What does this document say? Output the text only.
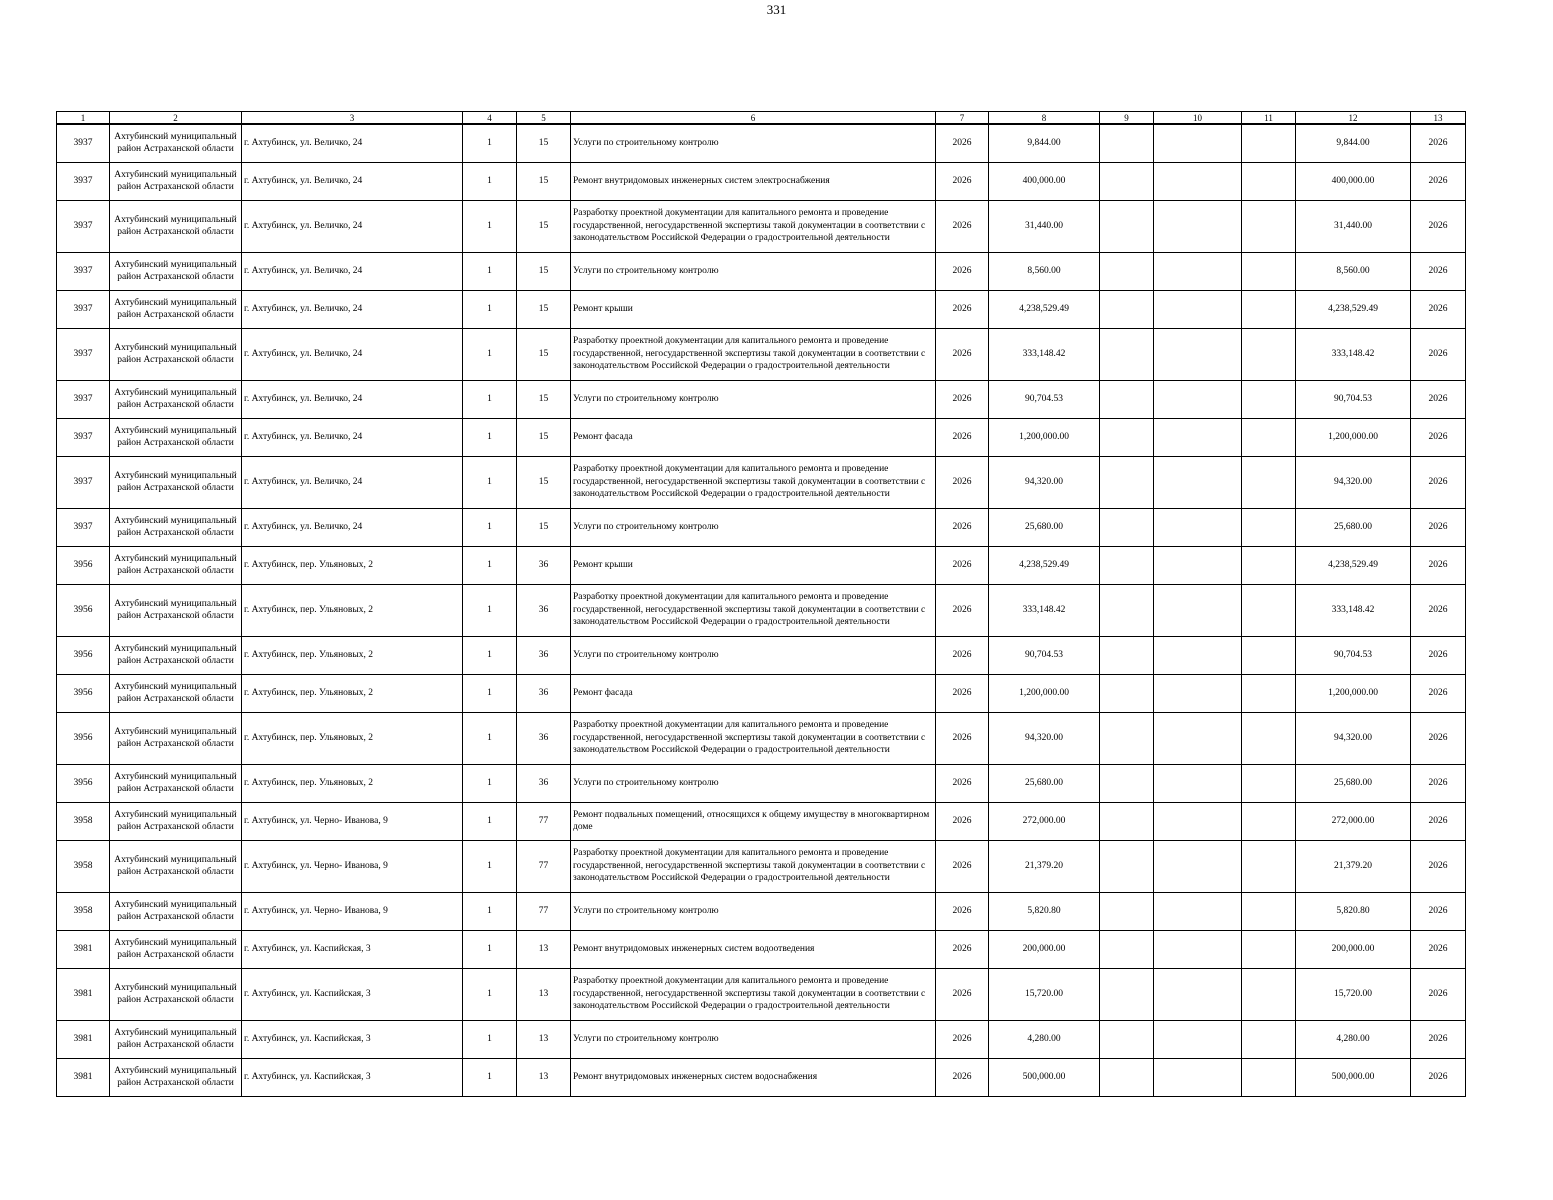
331
1	2	3	4	5	6	7	8	9	10	11	12	13
3937	Ахтубинский муниципальный район Астраханской области	г. Ахтубинск, ул. Величко, 24	1	15	Услуги по строительному контролю	2026	9,844.00				9,844.00	2026
3937	Ахтубинский муниципальный район Астраханской области	г. Ахтубинск, ул. Величко, 24	1	15	Ремонт внутридомовых инженерных систем электроснабжения	2026	400,000.00				400,000.00	2026
3937	Ахтубинский муниципальный район Астраханской области	г. Ахтубинск, ул. Величко, 24	1	15	Разработку проектной документации для капитального ремонта и проведение государственной, негосударственной экспертизы такой документации в соответствии с законодательством Российской Федерации о градостроительной деятельности	2026	31,440.00				31,440.00	2026
3937	Ахтубинский муниципальный район Астраханской области	г. Ахтубинск, ул. Величко, 24	1	15	Услуги по строительному контролю	2026	8,560.00				8,560.00	2026
3937	Ахтубинский муниципальный район Астраханской области	г. Ахтубинск, ул. Величко, 24	1	15	Ремонт крыши	2026	4,238,529.49				4,238,529.49	2026
3937	Ахтубинский муниципальный район Астраханской области	г. Ахтубинск, ул. Величко, 24	1	15	Разработку проектной документации для капитального ремонта и проведение государственной, негосударственной экспертизы такой документации в соответствии с законодательством Российской Федерации о градостроительной деятельности	2026	333,148.42				333,148.42	2026
3937	Ахтубинский муниципальный район Астраханской области	г. Ахтубинск, ул. Величко, 24	1	15	Услуги по строительному контролю	2026	90,704.53				90,704.53	2026
3937	Ахтубинский муниципальный район Астраханской области	г. Ахтубинск, ул. Величко, 24	1	15	Ремонт фасада	2026	1,200,000.00				1,200,000.00	2026
3937	Ахтубинский муниципальный район Астраханской области	г. Ахтубинск, ул. Величко, 24	1	15	Разработку проектной документации для капитального ремонта и проведение государственной, негосударственной экспертизы такой документации в соответствии с законодательством Российской Федерации о градостроительной деятельности	2026	94,320.00				94,320.00	2026
3937	Ахтубинский муниципальный район Астраханской области	г. Ахтубинск, ул. Величко, 24	1	15	Услуги по строительному контролю	2026	25,680.00				25,680.00	2026
3956	Ахтубинский муниципальный район Астраханской области	г. Ахтубинск, пер. Ульяновых, 2	1	36	Ремонт крыши	2026	4,238,529.49				4,238,529.49	2026
3956	Ахтубинский муниципальный район Астраханской области	г. Ахтубинск, пер. Ульяновых, 2	1	36	Разработку проектной документации для капитального ремонта и проведение государственной, негосударственной экспертизы такой документации в соответствии с законодательством Российской Федерации о градостроительной деятельности	2026	333,148.42				333,148.42	2026
3956	Ахтубинский муниципальный район Астраханской области	г. Ахтубинск, пер. Ульяновых, 2	1	36	Услуги по строительному контролю	2026	90,704.53				90,704.53	2026
3956	Ахтубинский муниципальный район Астраханской области	г. Ахтубинск, пер. Ульяновых, 2	1	36	Ремонт фасада	2026	1,200,000.00				1,200,000.00	2026
3956	Ахтубинский муниципальный район Астраханской области	г. Ахтубинск, пер. Ульяновых, 2	1	36	Разработку проектной документации для капитального ремонта и проведение государственной, негосударственной экспертизы такой документации в соответствии с законодательством Российской Федерации о градостроительной деятельности	2026	94,320.00				94,320.00	2026
3956	Ахтубинский муниципальный район Астраханской области	г. Ахтубинск, пер. Ульяновых, 2	1	36	Услуги по строительному контролю	2026	25,680.00				25,680.00	2026
3958	Ахтубинский муниципальный район Астраханской области	г. Ахтубинск, ул. Черно- Иванова, 9	1	77	Ремонт подвальных помещений, относящихся к общему имуществу в многоквартирном доме	2026	272,000.00				272,000.00	2026
3958	Ахтубинский муниципальный район Астраханской области	г. Ахтубинск, ул. Черно- Иванова, 9	1	77	Разработку проектной документации для капитального ремонта и проведение государственной, негосударственной экспертизы такой документации в соответствии с законодательством Российской Федерации о градостроительной деятельности	2026	21,379.20				21,379.20	2026
3958	Ахтубинский муниципальный район Астраханской области	г. Ахтубинск, ул. Черно- Иванова, 9	1	77	Услуги по строительному контролю	2026	5,820.80				5,820.80	2026
3981	Ахтубинский муниципальный район Астраханской области	г. Ахтубинск, ул. Каспийская, 3	1	13	Ремонт внутридомовых инженерных систем водоотведения	2026	200,000.00				200,000.00	2026
3981	Ахтубинский муниципальный район Астраханской области	г. Ахтубинск, ул. Каспийская, 3	1	13	Разработку проектной документации для капитального ремонта и проведение государственной, негосударственной экспертизы такой документации в соответствии с законодательством Российской Федерации о градостроительной деятельности	2026	15,720.00				15,720.00	2026
3981	Ахтубинский муниципальный район Астраханской области	г. Ахтубинск, ул. Каспийская, 3	1	13	Услуги по строительному контролю	2026	4,280.00				4,280.00	2026
3981	Ахтубинский муниципальный район Астраханской области	г. Ахтубинск, ул. Каспийская, 3	1	13	Ремонт внутридомовых инженерных систем водоснабжения	2026	500,000.00				500,000.00	2026
